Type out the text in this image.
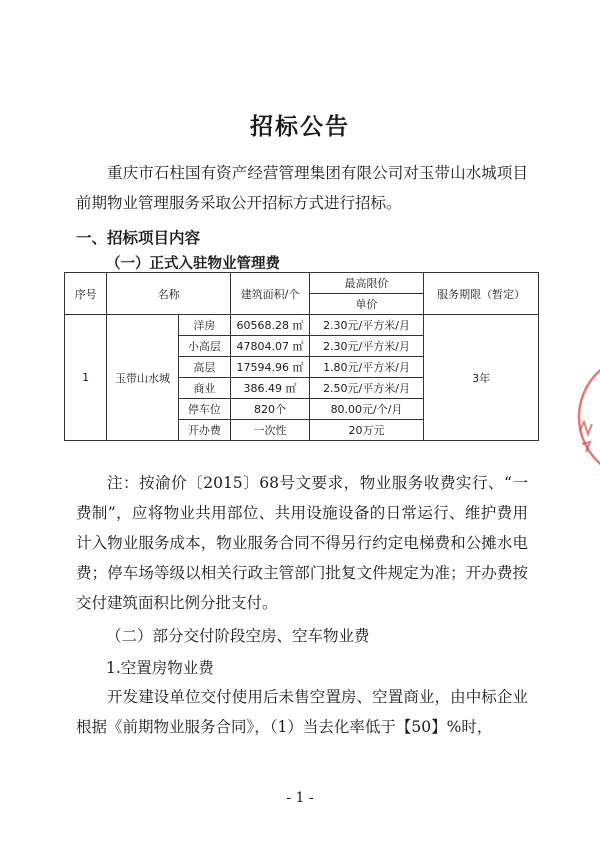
招标公告
重庆市石柱国有资产经营管理集团有限公司对玉带山水城项目前期物业管理服务采取公开招标方式进行招标。
一、招标项目内容
（一）正式入驻物业管理费
序号	名称		建筑面积/个	最高限价	服务期限（暂定）
				单价	
1	玉带山水城	洋房	60568.28 ㎡	2.30元/平方米/月	3年
		小高层	47804.07 ㎡	2.30元/平方米/月	
		高层	17594.96 ㎡	1.80元/平方米/月	
		商业	386.49 ㎡	2.50元/平方米/月	
		停车位	820个	80.00元/个/月	
		开办费	一次性	20万元	
注：按渝价〔2015〕68号文要求，物业服务收费实行、“一费制”，应将物业共用部位、共用设施设备的日常运行、维护费用计入物业服务成本，物业服务合同不得另行约定电梯费和公摊水电费；停车场等级以相关行政主管部门批复文件规定为准；开办费按交付建筑面积比例分批支付。
（二）部分交付阶段空房、空车物业费
1.空置房物业费
开发建设单位交付使用后未售空置房、空置商业，由中标企业根据《前期物业服务合同》，（1）当去化率低于【50】%时，
- 1 -
